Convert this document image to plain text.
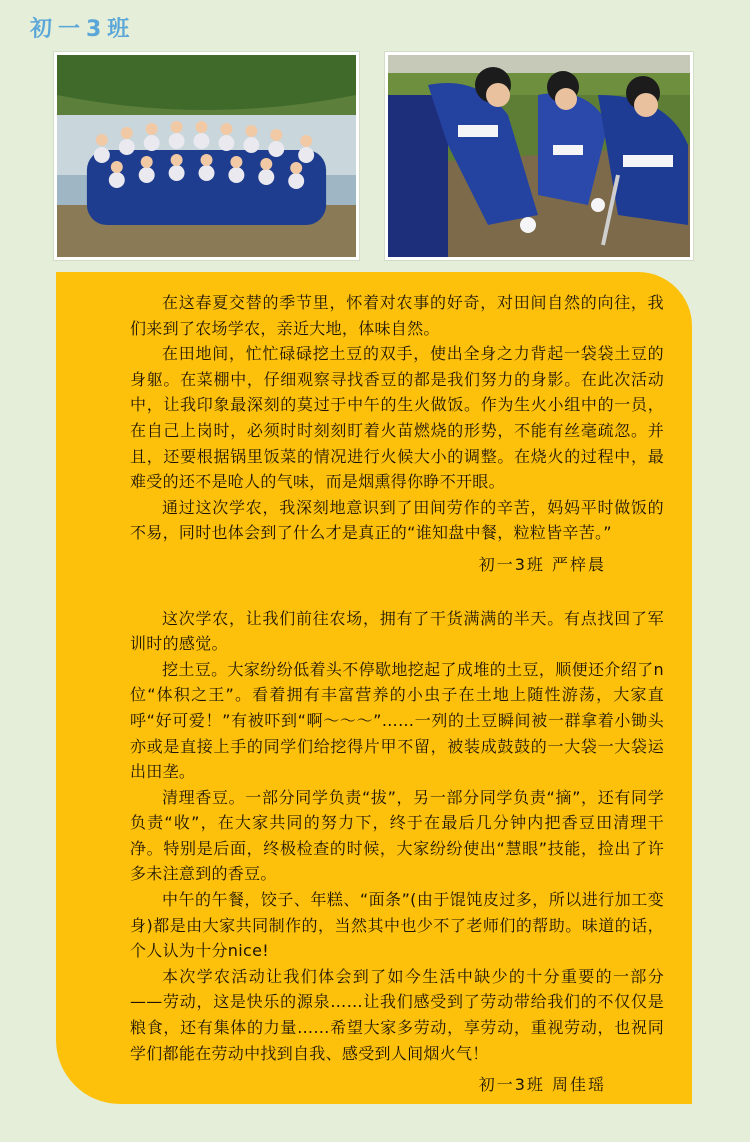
初一3班

在这春夏交替的季节里，怀着对农事的好奇，对田间自然的向往，我们来到了农场学农，亲近大地，体味自然。

在田地间，忙忙碌碌挖土豆的双手，使出全身之力背起一袋袋土豆的身躯。在菜棚中，仔细观察寻找香豆的都是我们努力的身影。在此次活动中，让我印象最深刻的莫过于中午的生火做饭。作为生火小组中的一员，在自己上岗时，必须时时刻刻盯着火苗燃烧的形势，不能有丝毫疏忽。并且，还要根据锅里饭菜的情况进行火候大小的调整。在烧火的过程中，最难受的还不是呛人的气味，而是烟熏得你睁不开眼。

通过这次学农，我深刻地意识到了田间劳作的辛苦，妈妈平时做饭的不易，同时也体会到了什么才是真正的“谁知盘中餐，粒粒皆辛苦。”

初一3班 严梓晨

这次学农，让我们前往农场，拥有了干货满满的半天。有点找回了军训时的感觉。

挖土豆。大家纷纷低着头不停歇地挖起了成堆的土豆，顺便还介绍了n位“体积之王”。看着拥有丰富营养的小虫子在土地上随性游荡，大家直呼“好可爱！”有被吓到“啊～～～”……一列的土豆瞬间被一群拿着小锄头亦或是直接上手的同学们给挖得片甲不留，被装成鼓鼓的一大袋一大袋运出田垄。

清理香豆。一部分同学负责“拔”，另一部分同学负责“摘”，还有同学负责“收”，在大家共同的努力下，终于在最后几分钟内把香豆田清理干净。特别是后面，终极检查的时候，大家纷纷使出“慧眼”技能，捡出了许多未注意到的香豆。

中午的午餐，饺子、年糕、“面条”(由于馄饨皮过多，所以进行加工变身)都是由大家共同制作的，当然其中也少不了老师们的帮助。味道的话，个人认为十分nice!

本次学农活动让我们体会到了如今生活中缺少的十分重要的一部分——劳动，这是快乐的源泉……让我们感受到了劳动带给我们的不仅仅是粮食，还有集体的力量……希望大家多劳动，享劳动，重视劳动，也祝同学们都能在劳动中找到自我、感受到人间烟火气！

初一3班 周佳瑶
